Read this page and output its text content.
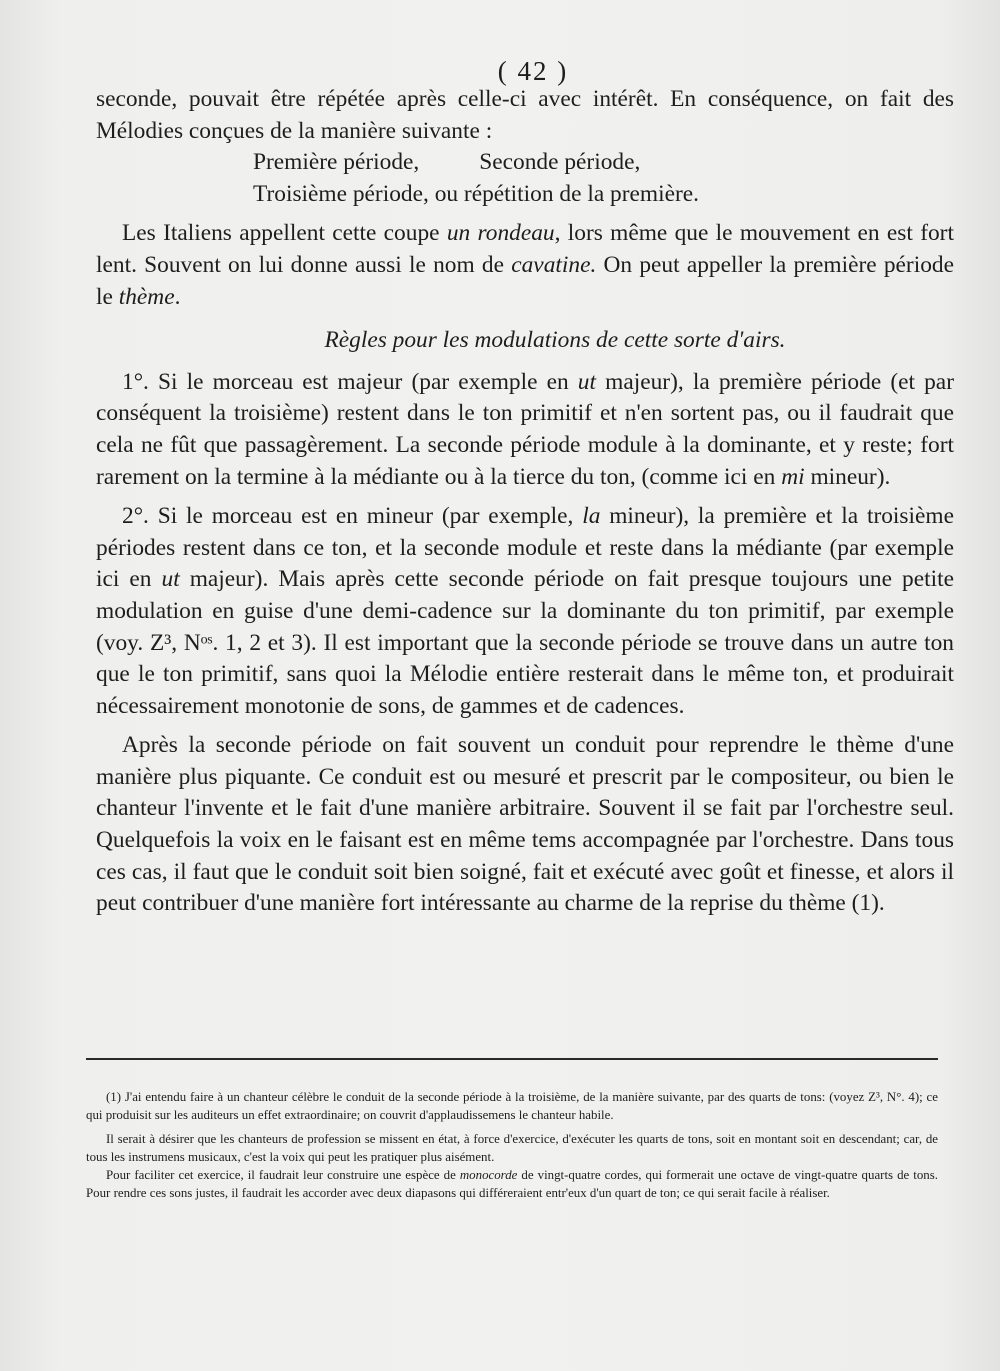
( 42 )

seconde, pouvait être répétée après celle-ci avec intérêt. En conséquence, on fait des Mélodies conçues de la manière suivante :

Première période,	Seconde période,

Troisième période, ou répétition de la première.

Les Italiens appellent cette coupe un rondeau, lors même que le mouvement en est fort lent. Souvent on lui donne aussi le nom de cavatine. On peut appeller la première période le thème.

Règles pour les modulations de cette sorte d'airs.

1°. Si le morceau est majeur (par exemple en ut majeur), la première période (et par conséquent la troisième) restent dans le ton primitif et n'en sortent pas, ou il faudrait que cela ne fût que passagèrement. La seconde période module à la dominante, et y reste; fort rarement on la termine à la médiante ou à la tierce du ton, (comme ici en mi mineur).

2°. Si le morceau est en mineur (par exemple, la mineur), la première et la troisième périodes restent dans ce ton, et la seconde module et reste dans la médiante (par exemple ici en ut majeur). Mais après cette seconde période on fait presque toujours une petite modulation en guise d'une demi-cadence sur la dominante du ton primitif, par exemple (voy. Z³, Nᵒˢ. 1, 2 et 3). Il est important que la seconde période se trouve dans un autre ton que le ton primitif, sans quoi la Mélodie entière resterait dans le même ton, et produirait nécessairement monotonie de sons, de gammes et de cadences.

Après la seconde période on fait souvent un conduit pour reprendre le thème d'une manière plus piquante. Ce conduit est ou mesuré et prescrit par le compositeur, ou bien le chanteur l'invente et le fait d'une manière arbitraire. Souvent il se fait par l'orchestre seul. Quelquefois la voix en le faisant est en même tems accompagnée par l'orchestre. Dans tous ces cas, il faut que le conduit soit bien soigné, fait et exécuté avec goût et finesse, et alors il peut contribuer d'une manière fort intéressante au charme de la reprise du thème (1).

(1) J'ai entendu faire à un chanteur célèbre le conduit de la seconde période à la troisième, de la manière suivante, par des quarts de tons: (voyez Z³, N°. 4); ce qui produisit sur les auditeurs un effet extraordinaire; on couvrit d'applaudissemens le chanteur habile.

Il serait à désirer que les chanteurs de profession se missent en état, à force d'exercice, d'exécuter les quarts de tons, soit en montant soit en descendant; car, de tous les instrumens musicaux, c'est la voix qui peut les pratiquer plus aisément.

Pour faciliter cet exercice, il faudrait leur construire une espèce de monocorde de vingt-quatre cordes, qui formerait une octave de vingt-quatre quarts de tons. Pour rendre ces sons justes, il faudrait les accorder avec deux diapasons qui différeraient entr'eux d'un quart de ton; ce qui serait facile à réaliser.
